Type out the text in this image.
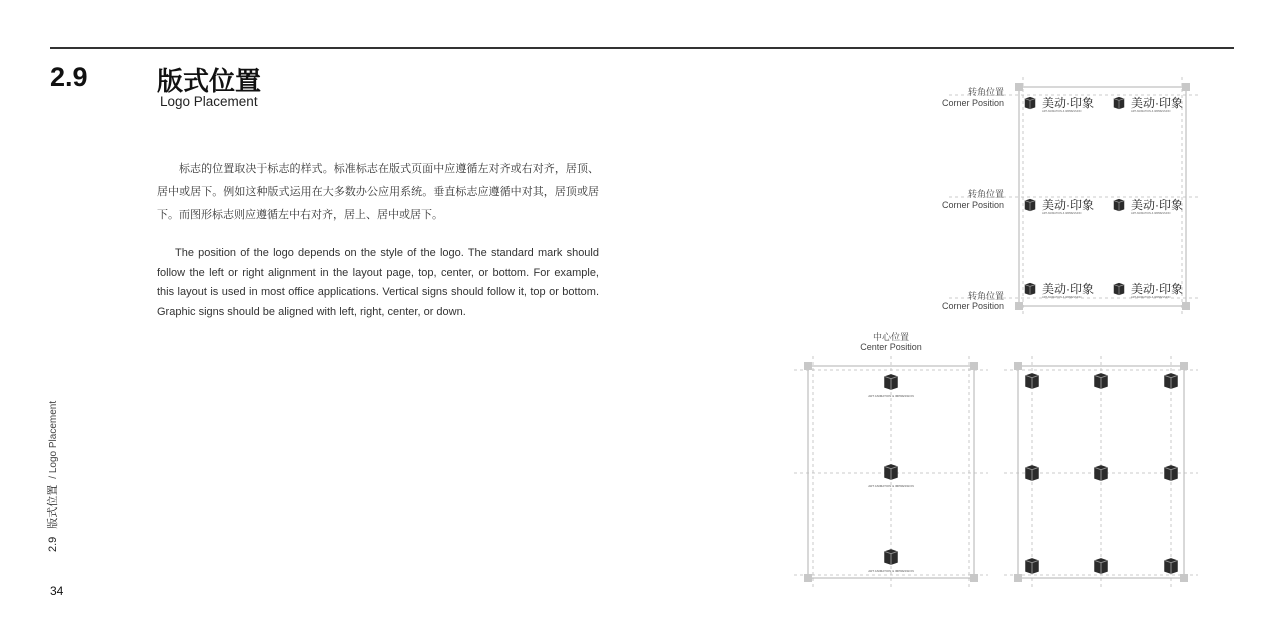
2.9	版式位置
Logo Placement
标志的位置取决于标志的样式。标准标志在版式页面中应遵循左对齐或右对齐，居顶、居中或居下。例如这种版式运用在大多数办公应用系统。垂直标志应遵循中对其，居顶或居下。而图形标志则应遵循左中右对齐，居上、居中或居下。
The position of the logo depends on the style of the logo. The standard mark should follow the left or right alignment in the layout page, top, center, or bottom. For example, this layout is used in most office applications. Vertical signs should follow it, top or bottom. Graphic signs should be aligned with left, right, center, or down.
2.9版式位置/ Logo Placement
34
美动·印象
ART ANIMATION & IMPRESSION
美动·印象
ART ANIMATION & IMPRESSION
美动·印象
ART ANIMATION & IMPRESSION
美动·印象
ART ANIMATION & IMPRESSION
美动·印象
ART ANIMATION & IMPRESSION
美动·印象
ART ANIMATION & IMPRESSION
ART ANIMATION & IMPRESSION
ART ANIMATION & IMPRESSION
ART ANIMATION & IMPRESSION
转角位置
Corner Position
转角位置
Corner Position
转角位置
Corner Position
中心位置
Center Position
